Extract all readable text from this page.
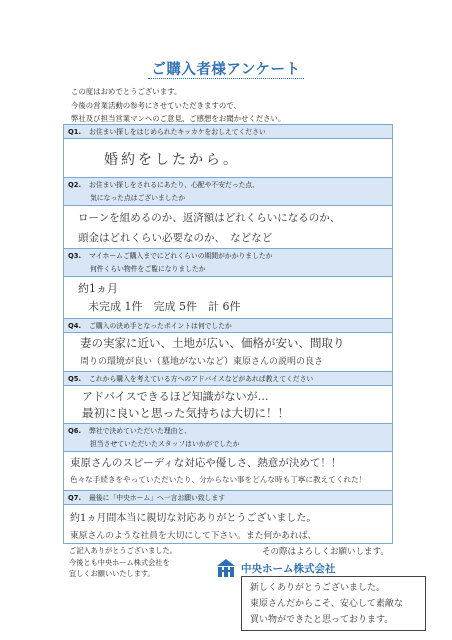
ご購入者様アンケート
この度はおめでとうございます。
今後の営業活動の参考にさせていただきますので、
弊社及び担当営業マンへのご意見、ご感想をお聞かせください。
Q1. お住まい探しをはじめられたキッカケをおしえてください
婚約をしたから。
Q2. お住まい探しをされるにあたり、心配や不安だった点、
気になった点はございましたか
ローンを組めるのか、返済額はどれくらいになるのか、
頭金はどれくらい必要なのか、　などなど
Q3. マイホームご購入までにどれくらいの期間がかかりましたか
何件くらい物件をご覧になりましたか
約1ヵ月
未完成 1件　完成 5件　計 6件
Q4. ご購入の決め手となったポイントは何でしたか
妻の実家に近い、土地が広い、価格が安い、間取り
周りの環境が良い（墓地がないなど）東原さんの説明の良さ
Q5. これから購入を考えている方へのアドバイスなどがあれば教えてください
アドバイスできるほど知識がないが…
最初に良いと思った気持ちは大切に！！
Q6. 弊社で決めていただいた理由と、
担当させていただいたスタッフはいかがでしたか
東原さんのスピーディな対応や優しさ、熱意が決めて！！
色々な手続きをやっていただいたり、分からない事をどんな時も丁寧に教えてくれた！
Q7. 最後に「中央ホーム」へ一言お願い致します
約1ヵ月間本当に親切な対応ありがとうございました。
東原さんのような社員を大切にして下さい。また何かあれば、
その際はよろしくお願いします。
ご記入ありがとうございました。
今後とも中央ホーム株式会社を
宜しくお願いいたします。	中央ホーム株式会社
新しくありがとうございました。
東原さんだからこそ、安心して素敵な
買い物ができたと思っております。
